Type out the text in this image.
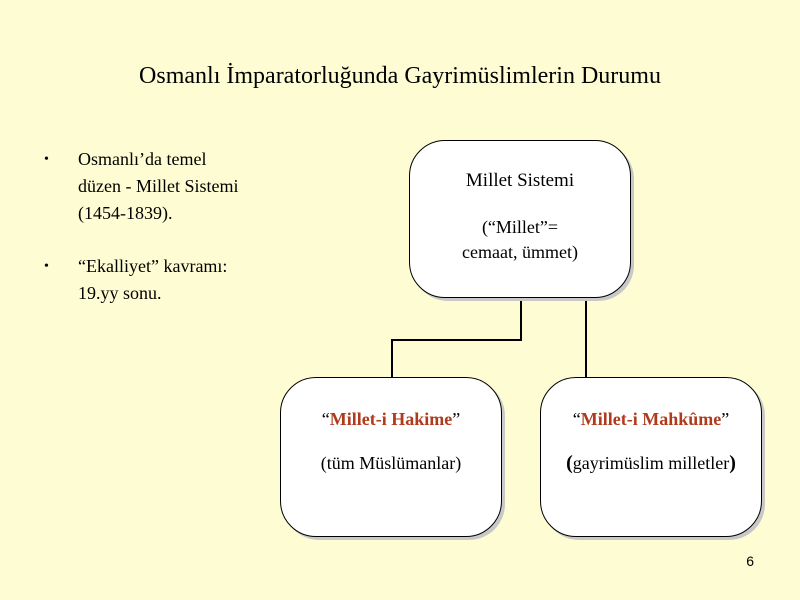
Osmanlı İmparatorluğunda Gayrimüslimlerin Durumu
• Osmanlı’da temel
düzen - Millet Sistemi
(1454-1839).
• “Ekalliyet” kavramı:
19.yy sonu.
Millet Sistemi
(“Millet”=
cemaat, ümmet)
“Millet-i Hakime”
(tüm Müslümanlar)
“Millet-i Mahkûme”
(gayrimüslim milletler)
6
